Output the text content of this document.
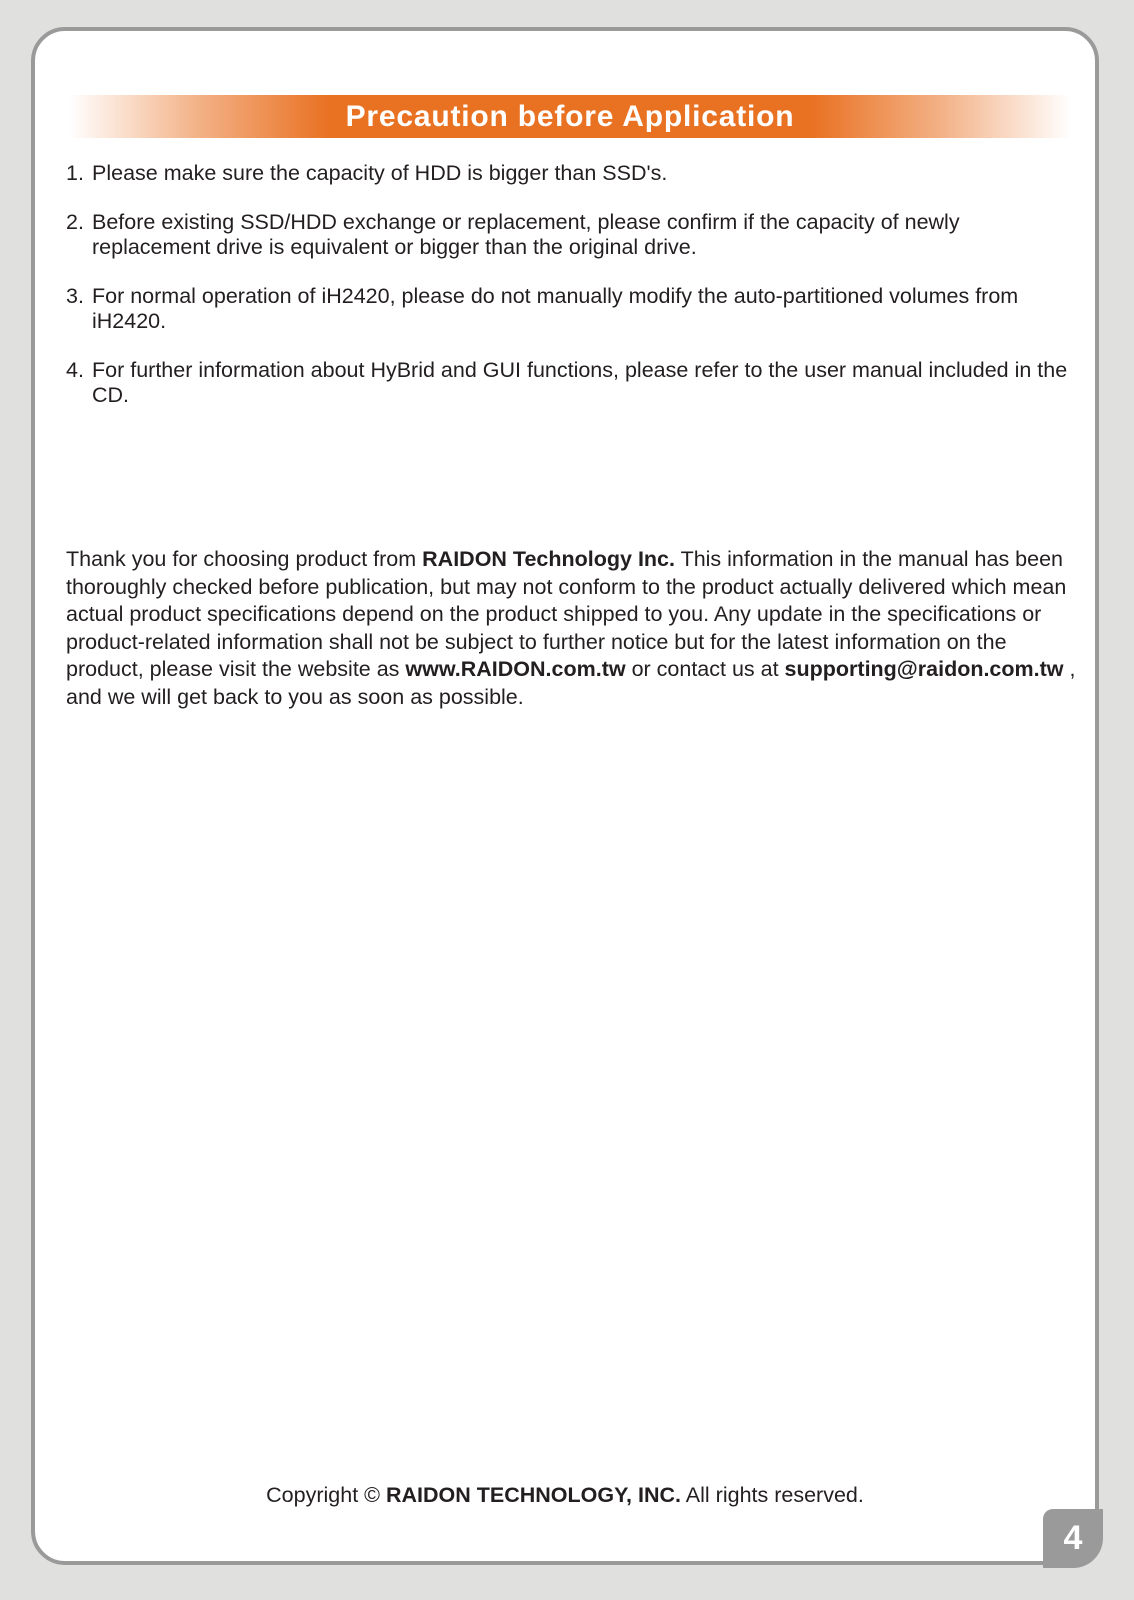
Precaution before Application
1. Please make sure the capacity of HDD is bigger than SSD's.
2. Before existing SSD/HDD exchange or replacement, please confirm if the capacity of newly replacement drive is equivalent or bigger than the original drive.
3. For normal operation of iH2420, please do not manually modify the auto-partitioned volumes from iH2420.
4. For further information about HyBrid and GUI functions, please refer to the user manual included in the CD.

Thank you for choosing product from RAIDON Technology Inc. This information in the manual has been thoroughly checked before publication, but may not conform to the product actually delivered which mean actual product specifications depend on the product shipped to you. Any update in the specifications or product-related information shall not be subject to further notice but for the latest information on the product, please visit the website as www.RAIDON.com.tw or contact us at supporting@raidon.com.tw , and we will get back to you as soon as possible.

Copyright © RAIDON TECHNOLOGY, INC. All rights reserved.
4
